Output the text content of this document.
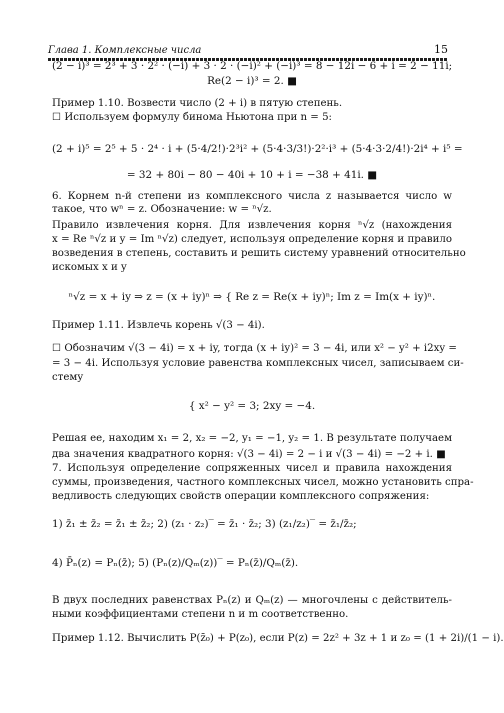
Глава 1. Комплексные числа	15
(2 − i)³ = 2³ + 3 · 2² · (−i) + 3 · 2 · (−i)² + (−i)³ = 8 − 12i − 6 + i = 2 − 11i;
Re(2 − i)³ = 2. ■
Пример 1.10. Возвести число (2 + i) в пятую степень.
☐ Используем формулу бинома Ньютона при n = 5:
(2 + i)⁵ = 2⁵ + 5 · 2⁴ · i + (5·4/2!)·2³i² + (5·4·3/3!)·2²·i³ + (5·4·3·2/4!)·2i⁴ + i⁵ =
= 32 + 80i − 80 − 40i + 10 + i = −38 + 41i. ■
6. Корнем n-й степени из комплексного числа z называется число w
такое, что wⁿ = z. Обозначение: w = ⁿ√z.
Правило извлечения корня. Для извлечения корня ⁿ√z (нахождения
x = Re ⁿ√z и y = Im ⁿ√z) следует, используя определение корня и правило
возведения в степень, составить и решить систему уравнений относительно
искомых x и y
ⁿ√z = x + iy ⇒ z = (x + iy)ⁿ ⇒ { Re z = Re(x + iy)ⁿ; Im z = Im(x + iy)ⁿ.
Пример 1.11. Извлечь корень √(3 − 4i).
☐ Обозначим √(3 − 4i) = x + iy, тогда (x + iy)² = 3 − 4i, или x² − y² + i2xy =
= 3 − 4i. Используя условие равенства комплексных чисел, записываем си-
стему
{ x² − y² = 3; 2xy = −4.
Решая ее, находим x₁ = 2, x₂ = −2, y₁ = −1, y₂ = 1. В результате получаем
два значения квадратного корня: √(3 − 4i) = 2 − i и √(3 − 4i) = −2 + i. ■
7. Используя определение сопряженных чисел и правила нахождения
суммы, произведения, частного комплексных чисел, можно установить спра-
ведливость следующих свойств операции комплексного сопряжения:
1) z̄₁ ± z̄₂ = z̄₁ ± z̄₂; 2) (z₁ · z₂)‾ = z̄₁ · z̄₂; 3) (z₁/z₂)‾ = z̄₁/z̄₂;
4) P̄ₙ(z) = Pₙ(z̄); 5) (Pₙ(z)/Qₘ(z))‾ = Pₙ(z̄)/Qₘ(z̄).
В двух последних равенствах Pₙ(z) и Qₘ(z) — многочлены с действитель-
ными коэффициентами степени n и m соответственно.
Пример 1.12. Вычислить P(z̄₀) + P(z₀), если P(z) = 2z² + 3z + 1 и z₀ = (1 + 2i)/(1 − i).
